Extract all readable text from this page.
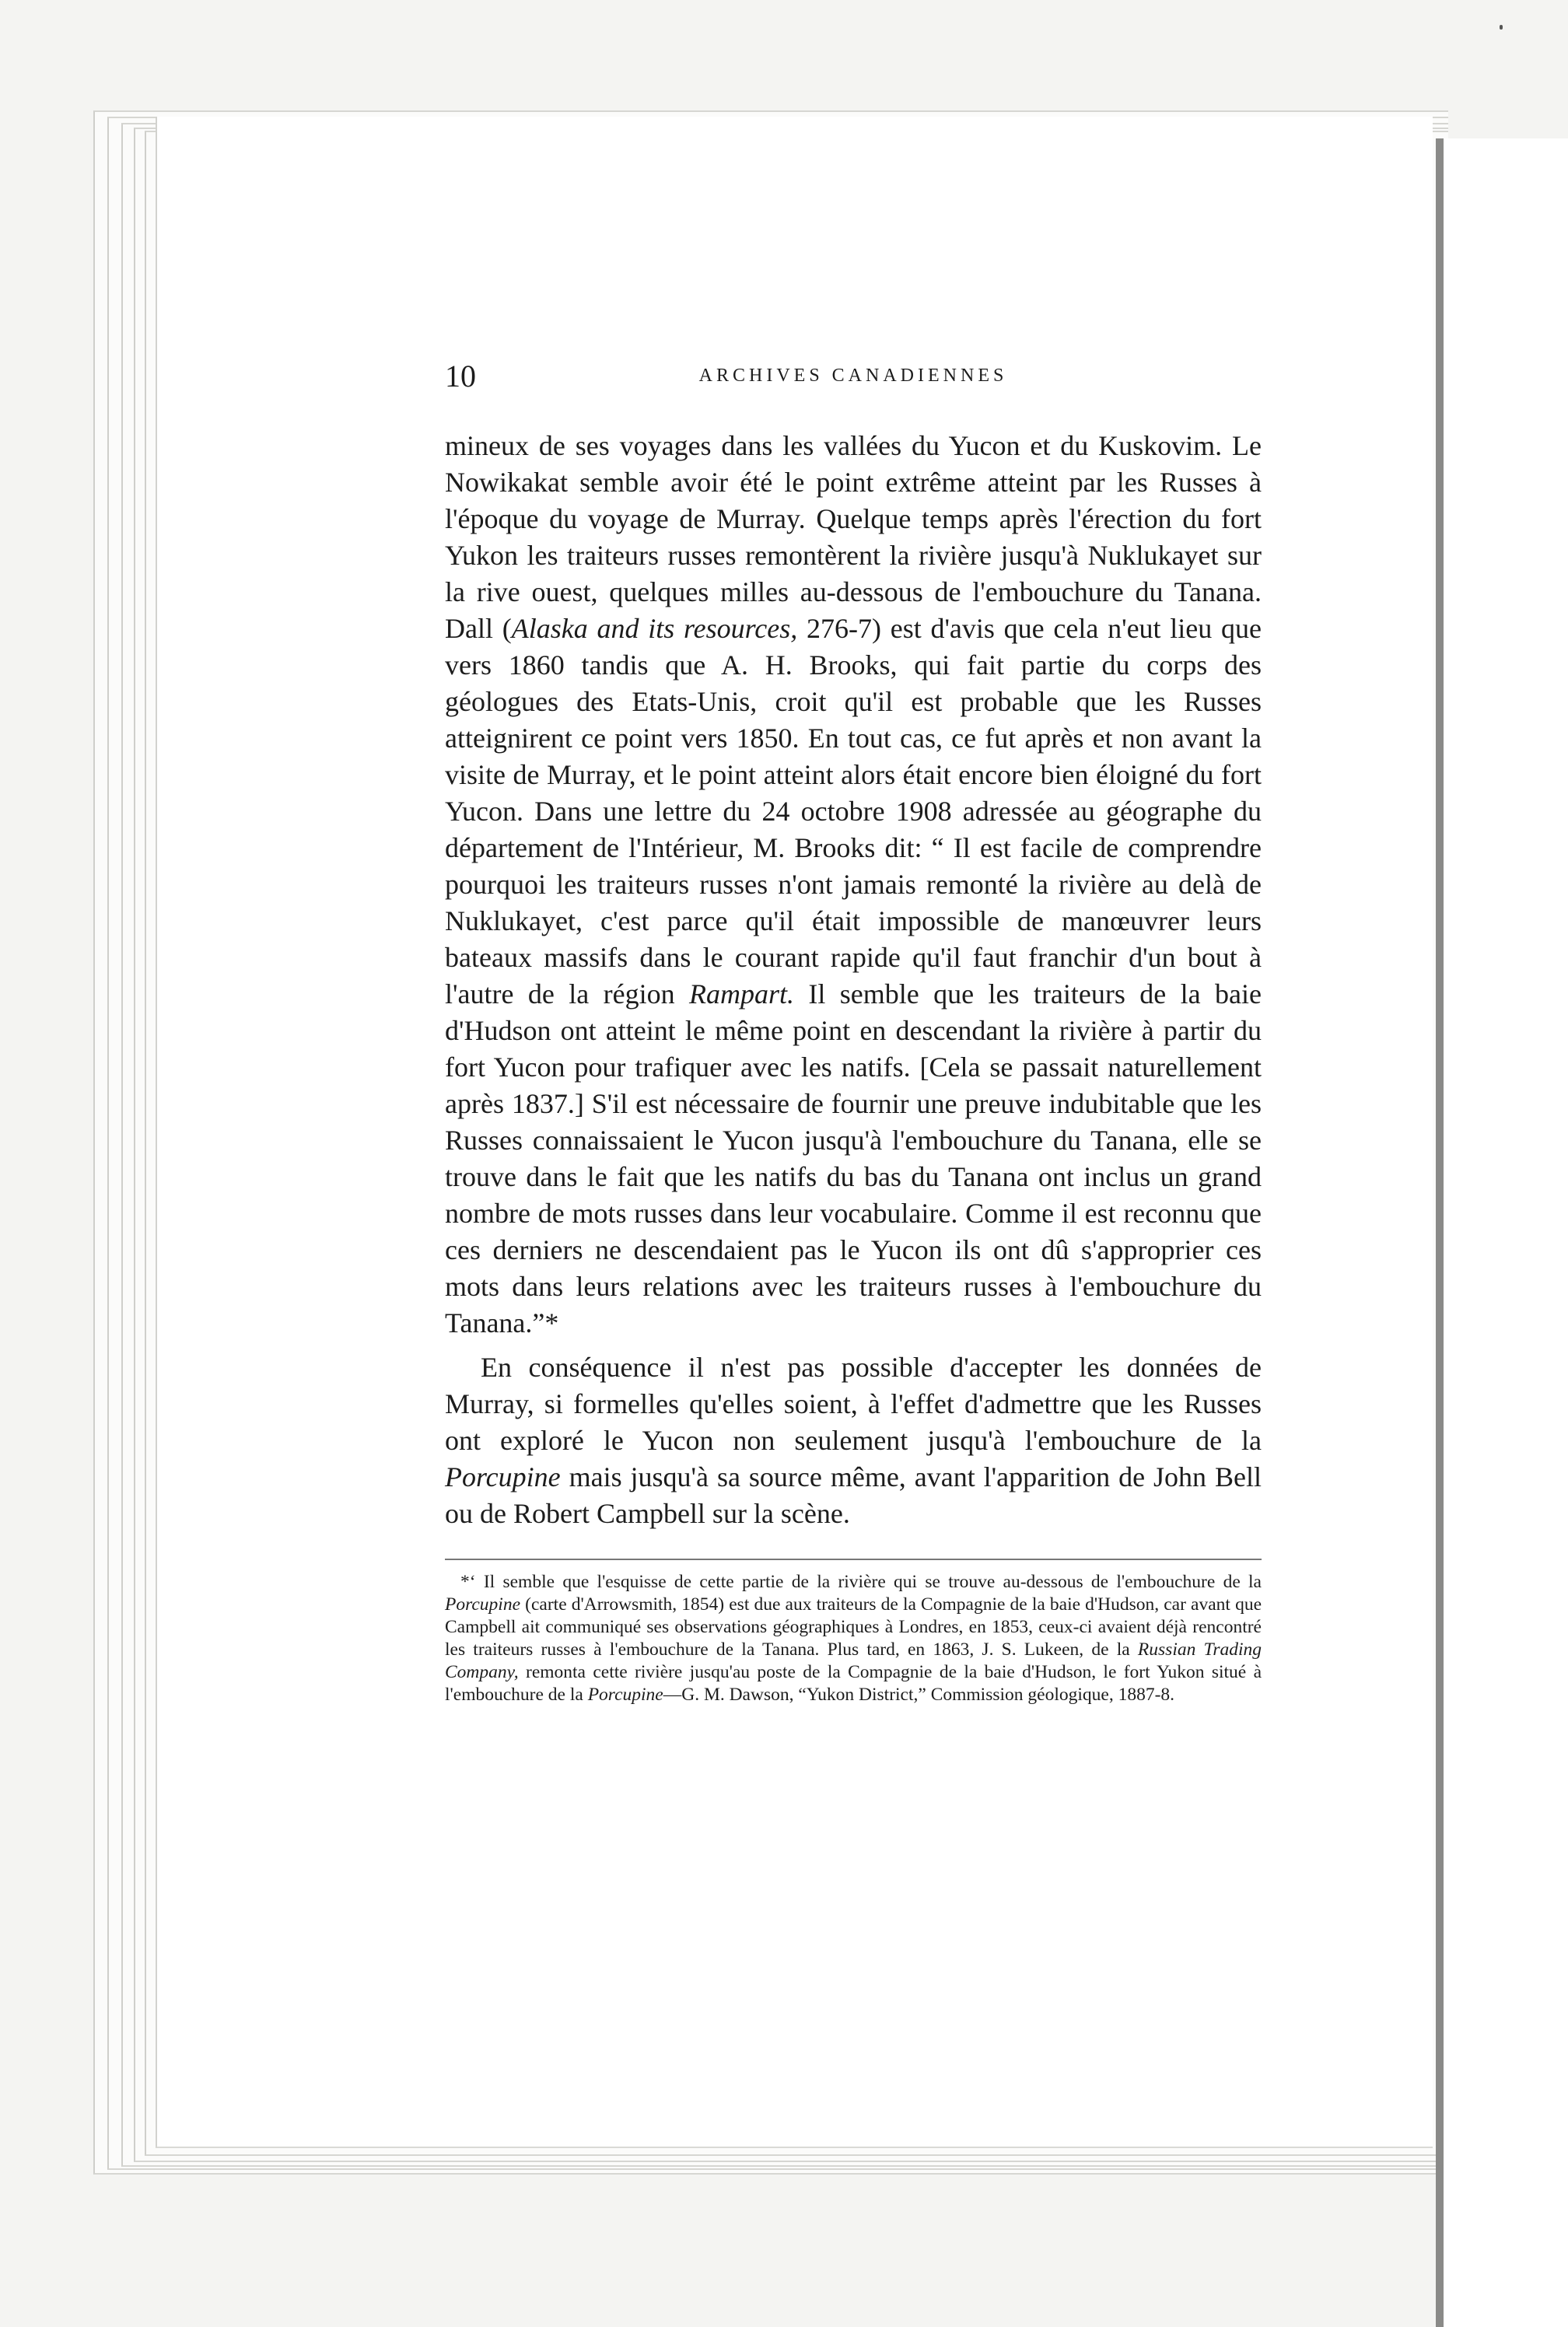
10	ARCHIVES CANADIENNES

mineux de ses voyages dans les vallées du Yucon et du Kuskovim. Le Nowikakat semble avoir été le point extrême atteint par les Russes à l'époque du voyage de Murray. Quelque temps après l'érection du fort Yukon les traiteurs russes remontèrent la rivière jusqu'à Nuklukayet sur la rive ouest, quelques milles au-dessous de l'embouchure du Tanana. Dall (Alaska and its resources, 276-7) est d'avis que cela n'eut lieu que vers 1860 tandis que A. H. Brooks, qui fait partie du corps des géologues des Etats-Unis, croit qu'il est probable que les Russes atteignirent ce point vers 1850. En tout cas, ce fut après et non avant la visite de Murray, et le point atteint alors était encore bien éloigné du fort Yucon. Dans une lettre du 24 octobre 1908 adressée au géographe du département de l'Intérieur, M. Brooks dit: “ Il est facile de comprendre pourquoi les traiteurs russes n'ont jamais remonté la rivière au delà de Nuklukayet, c'est parce qu'il était impossible de manœuvrer leurs bateaux massifs dans le courant rapide qu'il faut franchir d'un bout à l'autre de la région Rampart. Il semble que les traiteurs de la baie d'Hudson ont atteint le même point en descendant la rivière à partir du fort Yucon pour trafiquer avec les natifs. [Cela se passait naturellement après 1837.] S'il est nécessaire de fournir une preuve indubitable que les Russes connaissaient le Yucon jusqu'à l'embouchure du Tanana, elle se trouve dans le fait que les natifs du bas du Tanana ont inclus un grand nombre de mots russes dans leur vocabulaire. Comme il est reconnu que ces derniers ne descendaient pas le Yucon ils ont dû s'approprier ces mots dans leurs relations avec les traiteurs russes à l'embouchure du Tanana.”*

En conséquence il n'est pas possible d'accepter les données de Murray, si formelles qu'elles soient, à l'effet d'admettre que les Russes ont exploré le Yucon non seulement jusqu'à l'embouchure de la Porcupine mais jusqu'à sa source même, avant l'apparition de John Bell ou de Robert Campbell sur la scène.

*‘ Il semble que l'esquisse de cette partie de la rivière qui se trouve au-dessous de l'embouchure de la Porcupine (carte d'Arrowsmith, 1854) est due aux traiteurs de la Compagnie de la baie d'Hudson, car avant que Campbell ait communiqué ses observations géographiques à Londres, en 1853, ceux-ci avaient déjà rencontré les traiteurs russes à l'embouchure de la Tanana. Plus tard, en 1863, J. S. Lukeen, de la Russian Trading Company, remonta cette rivière jusqu'au poste de la Compagnie de la baie d'Hudson, le fort Yukon situé à l'embouchure de la Porcupine—G. M. Dawson, “Yukon District,” Commission géologique, 1887-8.
